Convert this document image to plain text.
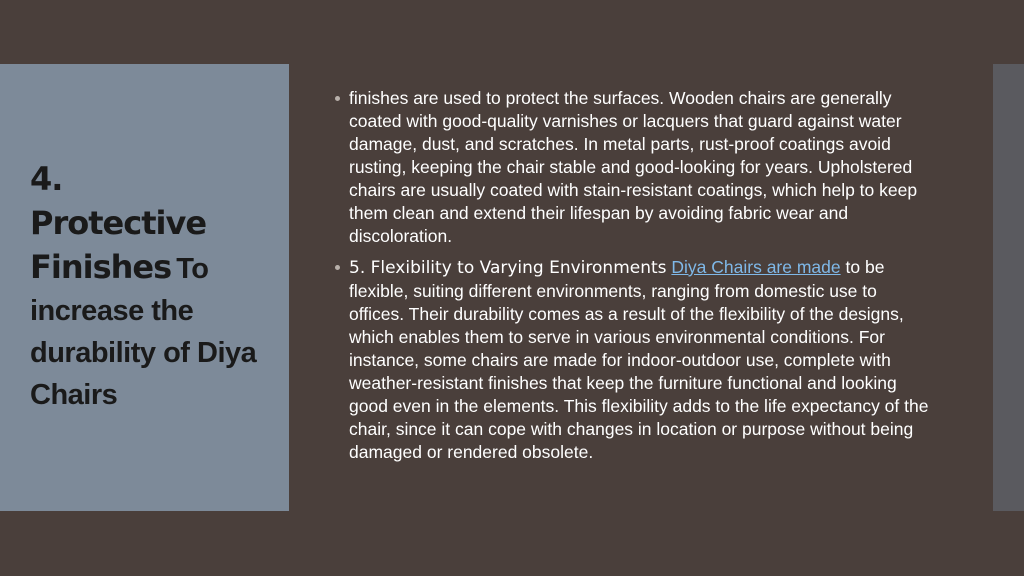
4.
Protective Finishes To increase the durability of Diya Chairs
finishes are used to protect the surfaces. Wooden chairs are generally coated with good-quality varnishes or lacquers that guard against water damage, dust, and scratches. In metal parts, rust-proof coatings avoid rusting, keeping the chair stable and good-looking for years. Upholstered chairs are usually coated with stain-resistant coatings, which help to keep them clean and extend their lifespan by avoiding fabric wear and discoloration.
5. Flexibility to Varying Environments Diya Chairs are made to be flexible, suiting different environments, ranging from domestic use to offices. Their durability comes as a result of the flexibility of the designs, which enables them to serve in various environmental conditions. For instance, some chairs are made for indoor-outdoor use, complete with weather-resistant finishes that keep the furniture functional and looking good even in the elements. This flexibility adds to the life expectancy of the chair, since it can cope with changes in location or purpose without being damaged or rendered obsolete.
